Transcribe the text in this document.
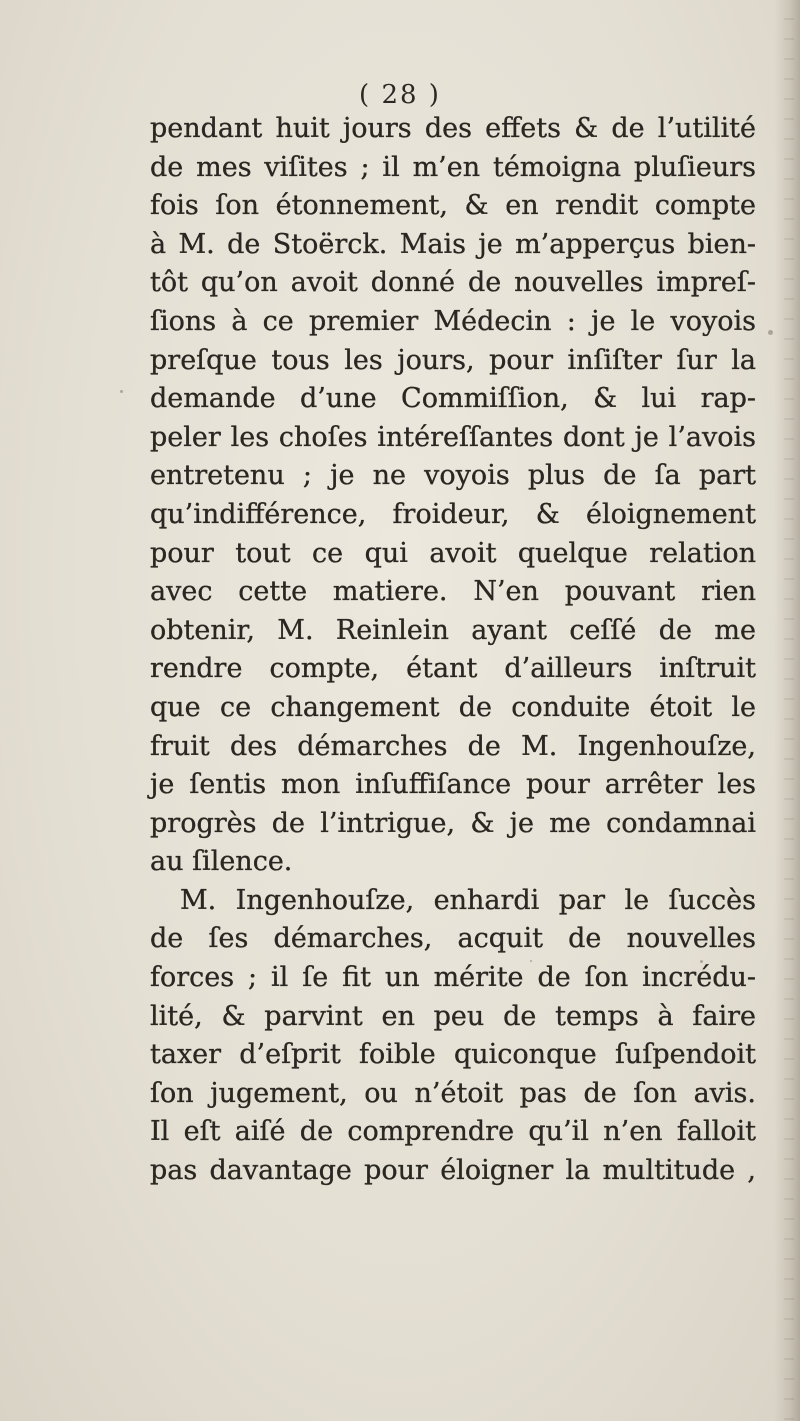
( 28 )
pendant huit jours des effets & de l’utilité
de mes viſites ; il m’en témoigna pluſieurs
fois ſon étonnement, & en rendit compte
à M. de Stoërck. Mais je m’apperçus bien-
tôt qu’on avoit donné de nouvelles impreſ-
ſions à ce premier Médecin : je le voyois
preſque tous les jours, pour inſiſter ſur la
demande d’une Commiſſion, & lui rap-
peler les choſes intéreſſantes dont je l’avois
entretenu ; je ne voyois plus de ſa part
qu’indifférence, froideur, & éloignement
pour tout ce qui avoit quelque relation
avec cette matiere. N’en pouvant rien
obtenir, M. Reinlein ayant ceſſé de me
rendre compte, étant d’ailleurs inſtruit
que ce changement de conduite étoit le
fruit des démarches de M. Ingenhouſze,
je ſentis mon inſuffiſance pour arrêter les
progrès de l’intrigue, & je me condamnai
au ſilence.
M. Ingenhouſze, enhardi par le ſuccès
de ſes démarches, acquit de nouvelles
forces ; il ſe fit un mérite de ſon incrédu-
lité, & parvint en peu de temps à faire
taxer d’eſprit foible quiconque ſuſpendoit
ſon jugement, ou n’étoit pas de ſon avis.
Il eſt aiſé de comprendre qu’il n’en falloit
pas davantage pour éloigner la multitude ,
